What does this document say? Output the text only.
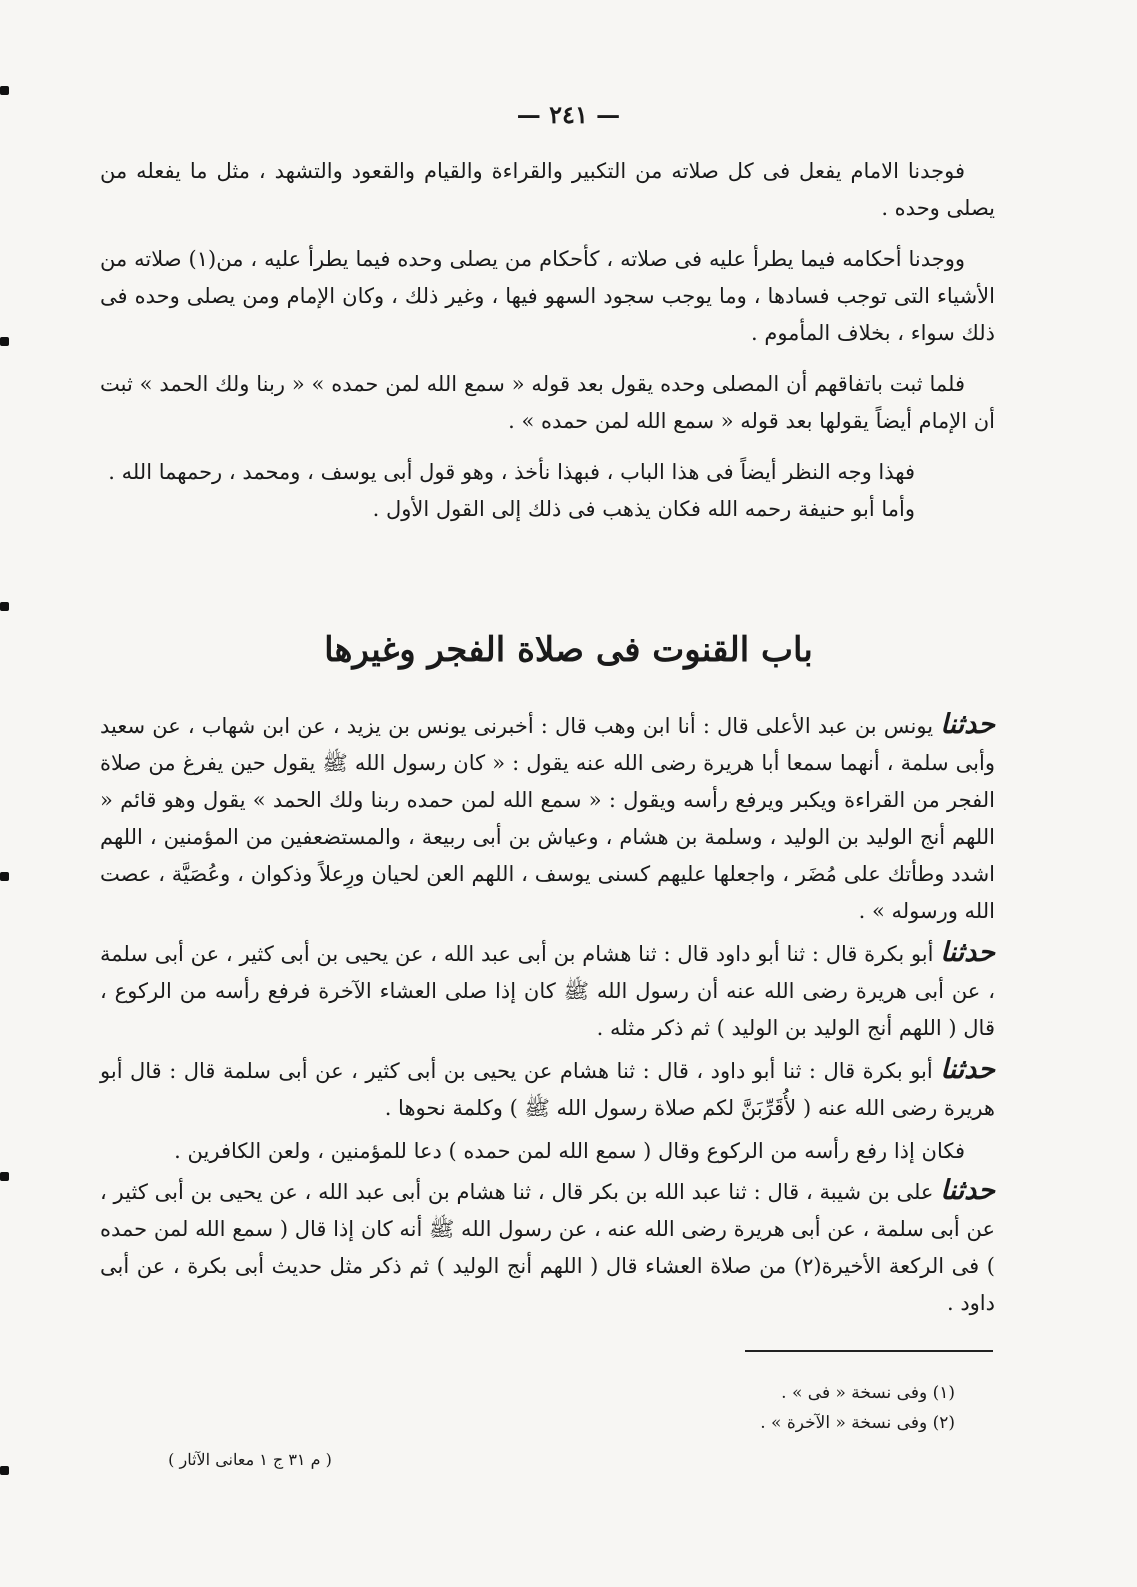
— ٢٤١ —

فوجدنا الامام يفعل فى كل صلاته من التكبير والقراءة والقيام والقعود والتشهد ، مثل ما يفعله من يصلى وحده .

ووجدنا أحكامه فيما يطرأ عليه فى صلاته ، كأحكام من يصلى وحده فيما يطرأ عليه ، من(١) صلاته من الأشياء التى توجب فسادها ، وما يوجب سجود السهو فيها ، وغير ذلك ، وكان الإمام ومن يصلى وحده فى ذلك سواء ، بخلاف المأموم .

فلما ثبت باتفاقهم أن المصلى وحده يقول بعد قوله « سمع الله لمن حمده » « ربنا ولك الحمد » ثبت أن الإمام أيضاً يقولها بعد قوله « سمع الله لمن حمده » .

فهذا وجه النظر أيضاً فى هذا الباب ، فبهذا نأخذ ، وهو قول أبى يوسف ، ومحمد ، رحمهما الله .

وأما أبو حنيفة رحمه الله فكان يذهب فى ذلك إلى القول الأول .

باب القنوت فى صلاة الفجر وغيرها

حدثنا يونس بن عبد الأعلى قال : أنا ابن وهب قال : أخبرنى يونس بن يزيد ، عن ابن شهاب ، عن سعيد وأبى سلمة ، أنهما سمعا أبا هريرة رضى الله عنه يقول : « كان رسول الله ﷺ يقول حين يفرغ من صلاة الفجر من القراءة ويكبر ويرفع رأسه ويقول : « سمع الله لمن حمده ربنا ولك الحمد » يقول وهو قائم « اللهم أنج الوليد بن الوليد ، وسلمة بن هشام ، وعياش بن أبى ربيعة ، والمستضعفين من المؤمنين ، اللهم اشدد وطأتك على مُضَر ، واجعلها عليهم كسنى يوسف ، اللهم العن لحيان ورِعلاً وذكوان ، وعُصَيَّة ، عصت الله ورسوله » .

حدثنا أبو بكرة قال : ثنا أبو داود قال : ثنا هشام بن أبى عبد الله ، عن يحيى بن أبى كثير ، عن أبى سلمة ، عن أبى هريرة رضى الله عنه أن رسول الله ﷺ كان إذا صلى العشاء الآخرة فرفع رأسه من الركوع ، قال ( اللهم أنج الوليد بن الوليد ) ثم ذكر مثله .

حدثنا أبو بكرة قال : ثنا أبو داود ، قال : ثنا هشام عن يحيى بن أبى كثير ، عن أبى سلمة قال : قال أبو هريرة رضى الله عنه ( لأُقَرِّبَنَّ لكم صلاة رسول الله ﷺ ) وكلمة نحوها .

فكان إذا رفع رأسه من الركوع وقال ( سمع الله لمن حمده ) دعا للمؤمنين ، ولعن الكافرين .

حدثنا على بن شيبة ، قال : ثنا عبد الله بن بكر قال ، ثنا هشام بن أبى عبد الله ، عن يحيى بن أبى كثير ، عن أبى سلمة ، عن أبى هريرة رضى الله عنه ، عن رسول الله ﷺ أنه كان إذا قال ( سمع الله لمن حمده ) فى الركعة الأخيرة(٢) من صلاة العشاء قال ( اللهم أنج الوليد ) ثم ذكر مثل حديث أبى بكرة ، عن أبى داود .

(١) وفى نسخة « فى » .
(٢) وفى نسخة « الآخرة » .
( م ٣١ ج ١ معانى الآثار )
